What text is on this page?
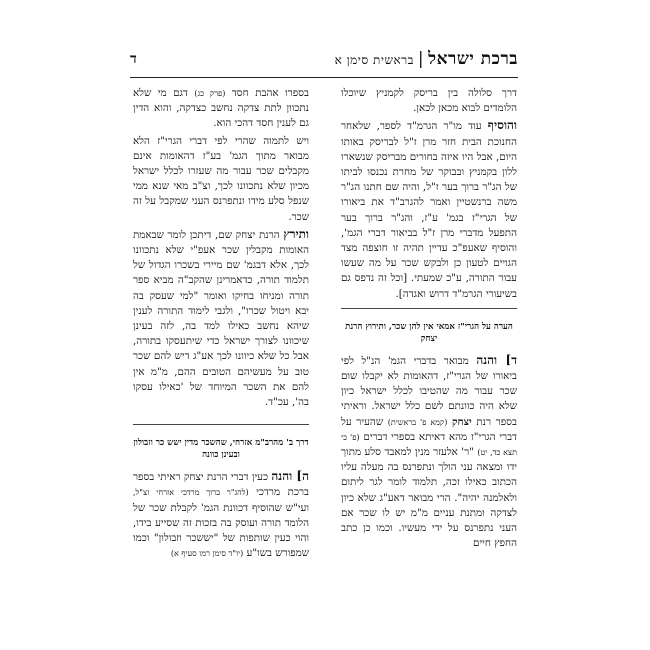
ברכת ישראל|בראשית סימן א
ד

דרך סלולה בין בריסק לקמניץ שיוכלו הלומדים לבוא מכאן לכאן.

והוסיף עוד מו"ר הגרמ"ד לספר, שלאחר החנוכת הבית חזר מרן ז"ל לבריסק באותו היום, אבל היו איזה בחורים מבריסק שנשארו ללון בקמניץ ובבוקר של מחרת נכנסו לביתו של הג"ר ברוך בער ז"ל, והיה שם חתנו הג"ר משה ברנשטיין ואמר להגרב"ד את ביאורו של הגרי"ז בגמ' ע"ז, והג"ר ברוך בער התפעל מדברי מרן ז"ל בביאור דברי הגמ', והוסיף שאעפ"כ עדיין תהיה זו חוצפה מצד הגויים לטעון כן ולבקש שכר על מה שעשו עבור התורה, ע"כ שמעתי. [וכל זה נדפס גם בשיעורי הגרמ"ד דרוש ואגדה].

הערה על הגרי"ז אמאי אין להן שכר, ותירוץ הרנת יצחק

ד] והנה מבואר בדברי הגמ' הנ"ל לפי ביאורו של הגרי"ז, דהאומות לא יקבלו שום שכר עבור מה שהטיבו לכלל ישראל כיון שלא היה כוונתם לשם כלל ישראל. וראיתי בספר רנת יצחק (קמא פ' בראשית) שהעיר על דברי הגרי"ז מהא דאיתא בספרי דברים (פ' כי תצא כד, יט) "ר' אלעזר מנין למאבד סלע מתוך ידו ומצאה עני הולך ונתפרנס בה מעלה עליו הכתוב כאילו זכה, תלמוד לומר לגר ליתום ולאלמנה יהיה". הרי מבואר דאע"ג שלא כיון לצדקה ומתנת עניים מ"מ יש לו שכר אם העני נתפרנס על ידי מעשיו. וכמו כן כתב החפץ חיים

בספרו אהבת חסד (פרק כג) דגם מי שלא נתכוון לתת צדקה נחשב כצדקה, והוא הדין גם לענין חסד דהכי הוא.

ויש לתמוה שהרי לפי דברי הגרי"ז הלא מבואר מתוך הגמ' בע"ז דהאומות אינם מקבלים שכר עבור מה שעזרו לכלל ישראל מכיון שלא נתכוונו לכך, וצ"ב מאי שנא ממי שנפל סלע מידו ונתפרנס העני שמקבל על זה שכר.

ותירץ הרנת יצחק שם, דיתכן לומר שבאמת האומות מקבלין שכר אעפ"י שלא נתכוונו לכך, אלא דבגמ' שם מיירי בשכרו הגדול של תלמוד תורה, כדאמרינן שהקב"ה מביא ספר תורה ומניחו בחיקו ואומר "למי שעסק בה יבא ויטול שכרו", ולגבי לימוד התורה לענין שיהא נחשב כאילו למד בה, לזה בעינן שיכוונו לצורך ישראל כדי שיתעסקו בתורה, אבל כל שלא כיוונו לכך אע"ג דיש להם שכר טוב על מעשיהם הטובים ההם, מ"מ אין להם את השכר המיוחד של 'כאילו עסקו בה', עכ"ד.

דרך ב' מהרב"מ אזרחי, שהשכר מדין ישש כר וזבולון ובעינן כוונה

ה] והנה כעין דברי הרנת יצחק ראיתי בספר ברכת מרדכי (להג"ר ברוך מרדכי אזרחי זצ"ל, ועי"ש שהוסיף דכוונת הגמ' לקבלת שכר של הלומד תורה ועוסק בה בזכות זה שסייע בידו, והוי כעין שותפות של "יששכר וזבולון" וכמו שמפורש בשו"ע (יו"ד סימן רמו סעיף א)
